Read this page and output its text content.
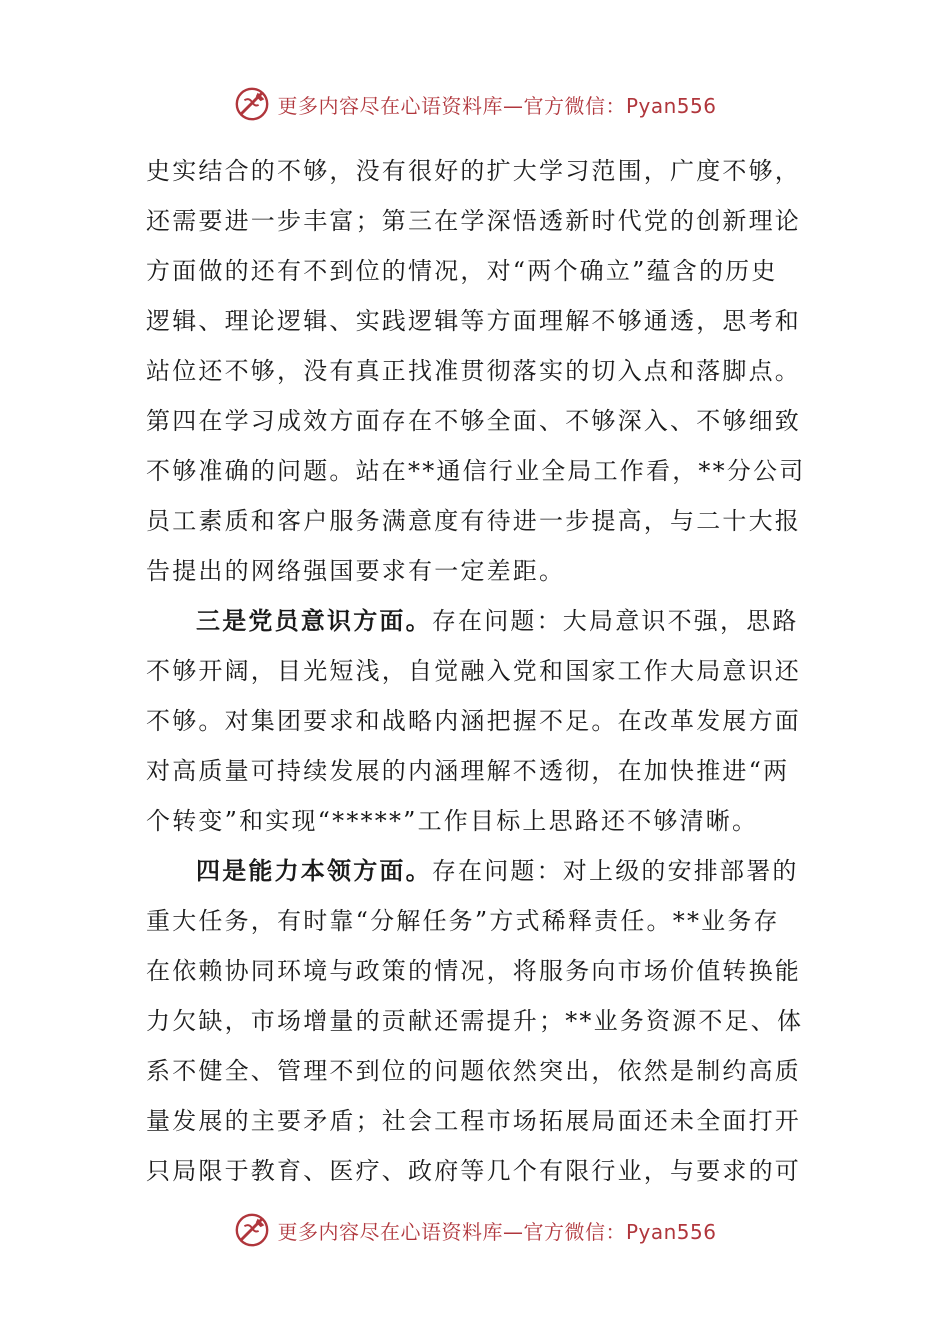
更多内容尽在心语资料库—官方微信：Pyan556
史实结合的不够，没有很好的扩大学习范围，广度不够，
还需要进一步丰富；第三在学深悟透新时代党的创新理论
方面做的还有不到位的情况，对“两个确立”蕴含的历史
逻辑、理论逻辑、实践逻辑等方面理解不够通透，思考和
站位还不够，没有真正找准贯彻落实的切入点和落脚点。
第四在学习成效方面存在不够全面、不够深入、不够细致
不够准确的问题。站在**通信行业全局工作看，**分公司
员工素质和客户服务满意度有待进一步提高，与二十大报
告提出的网络强国要求有一定差距。
三是党员意识方面。存在问题：大局意识不强，思路
不够开阔，目光短浅，自觉融入党和国家工作大局意识还
不够。对集团要求和战略内涵把握不足。在改革发展方面
对高质量可持续发展的内涵理解不透彻，在加快推进“两
个转变”和实现“*****”工作目标上思路还不够清晰。
四是能力本领方面。存在问题：对上级的安排部署的
重大任务，有时靠“分解任务”方式稀释责任。**业务存
在依赖协同环境与政策的情况，将服务向市场价值转换能
力欠缺，市场增量的贡献还需提升；**业务资源不足、体
系不健全、管理不到位的问题依然突出，依然是制约高质
量发展的主要矛盾；社会工程市场拓展局面还未全面打开
只局限于教育、医疗、政府等几个有限行业，与要求的可
更多内容尽在心语资料库—官方微信：Pyan556
